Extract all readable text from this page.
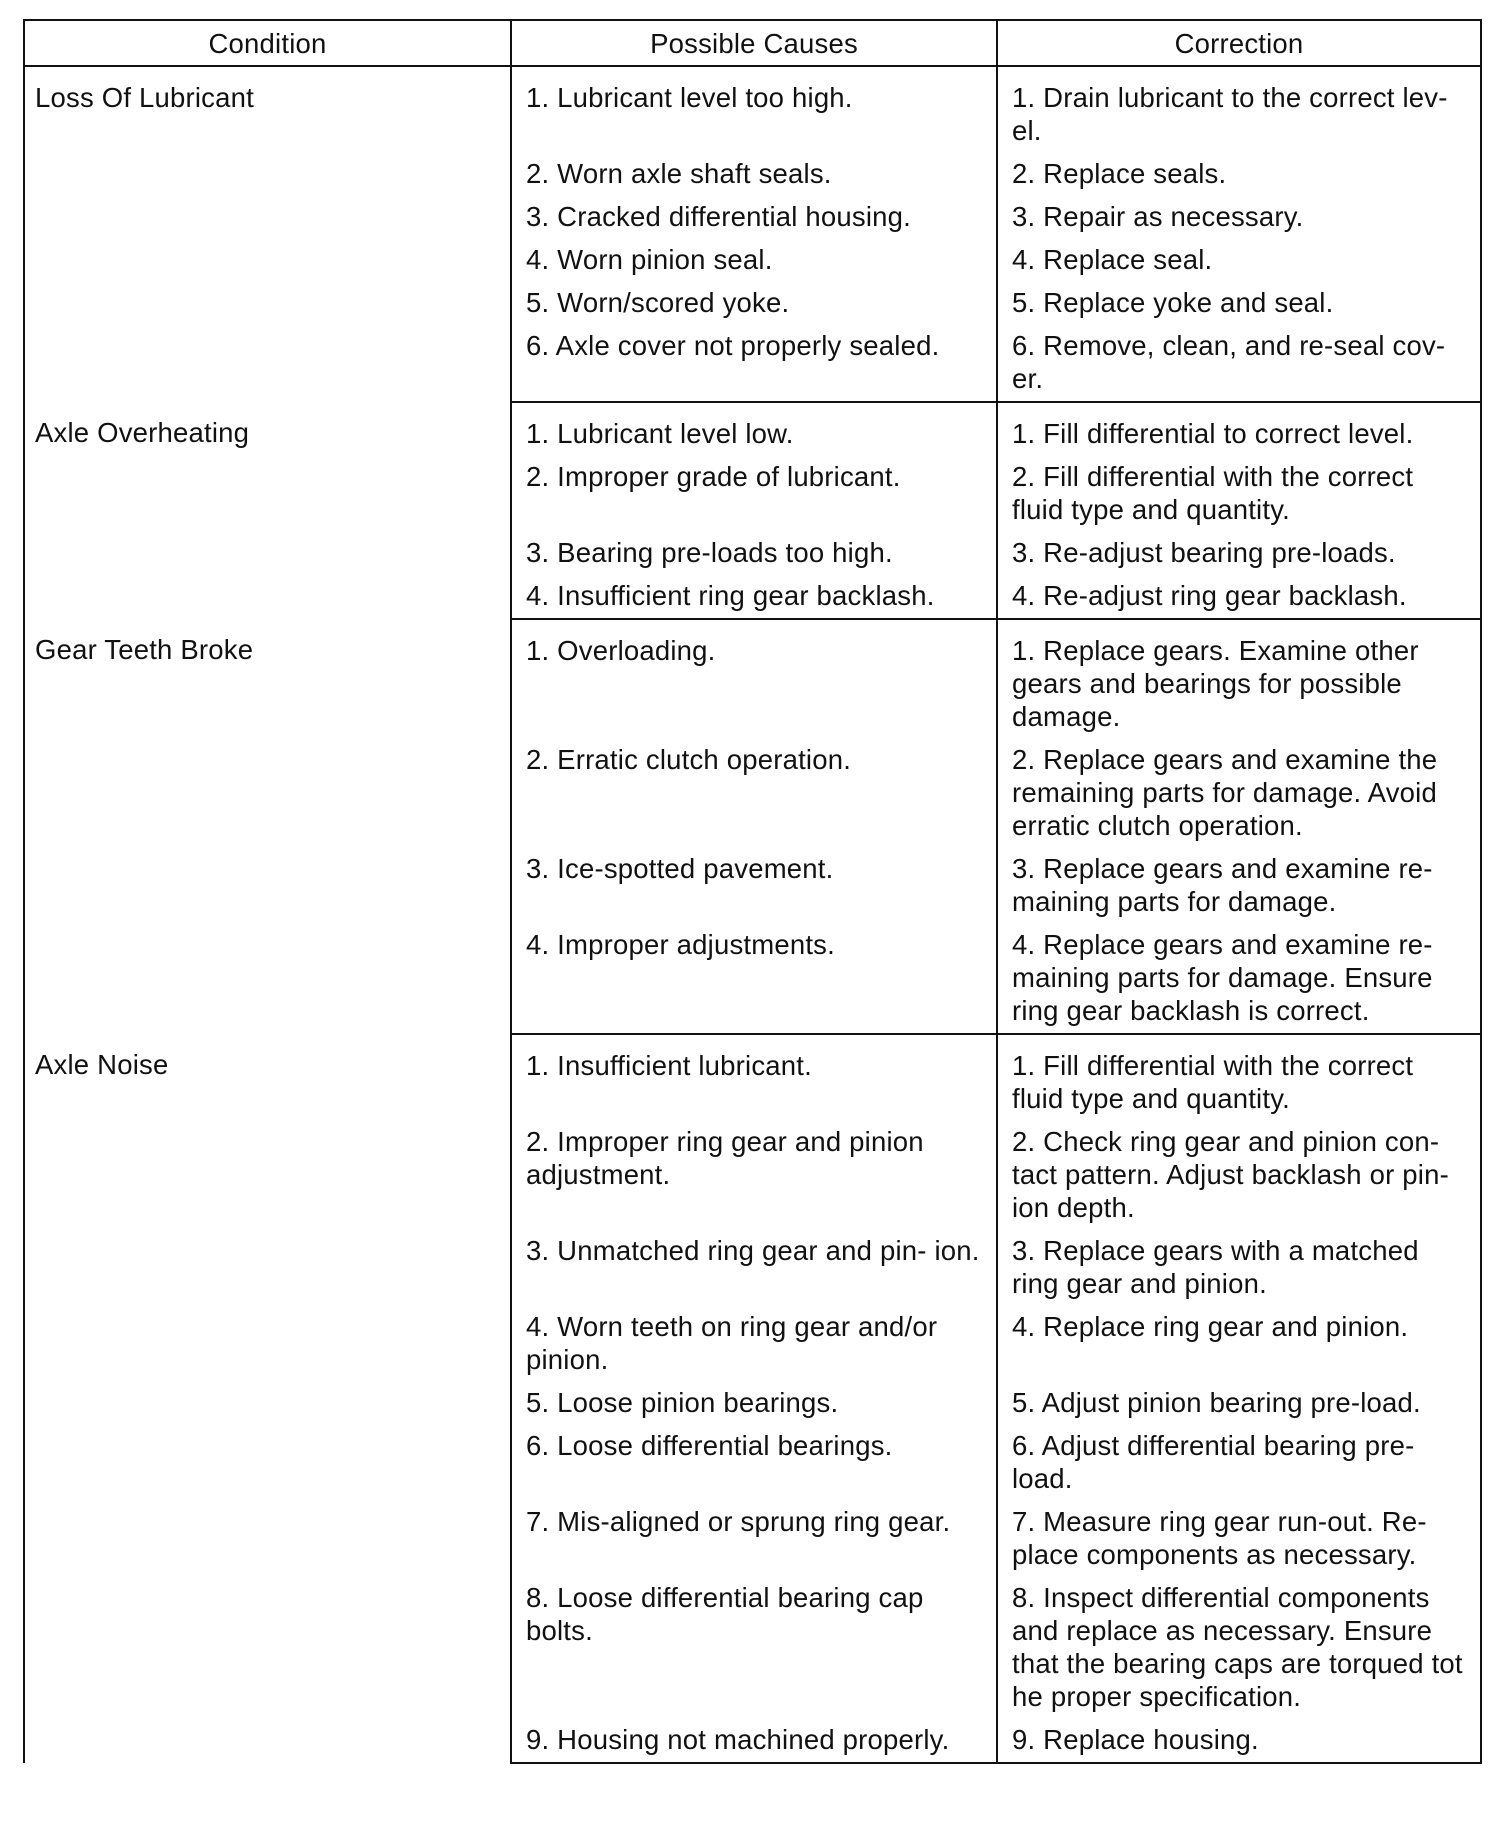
Condition	Possible Causes	Correction
Loss Of Lubricant	1. Lubricant level too high.	1. Drain lubricant to the correct lev- el.
	2. Worn axle shaft seals.	2. Replace seals.
	3. Cracked differential housing.	3. Repair as necessary.
	4. Worn pinion seal.	4. Replace seal.
	5. Worn/scored yoke.	5. Replace yoke and seal.
	6. Axle cover not properly sealed.	6. Remove, clean, and re-seal cov- er.
Axle Overheating	1. Lubricant level low.	1. Fill differential to correct level.
	2. Improper grade of lubricant.	2. Fill differential with the correct fluid type and quantity.
	3. Bearing pre-loads too high.	3. Re-adjust bearing pre-loads.
	4. Insufficient ring gear backlash.	4. Re-adjust ring gear backlash.
Gear Teeth Broke	1. Overloading.	1. Replace gears. Examine other gears and bearings for possible damage.
	2. Erratic clutch operation.	2. Replace gears and examine the remaining parts for damage. Avoid erratic clutch operation.
	3. Ice-spotted pavement.	3. Replace gears and examine re- maining parts for damage.
	4. Improper adjustments.	4. Replace gears and examine re- maining parts for damage. Ensure ring gear backlash is correct.
Axle Noise	1. Insufficient lubricant.	1. Fill differential with the correct fluid type and quantity.
	2. Improper ring gear and pinion adjustment.	2. Check ring gear and pinion con- tact pattern. Adjust backlash or pin- ion depth.
	3. Unmatched ring gear and pin- ion.	3. Replace gears with a matched ring gear and pinion.
	4. Worn teeth on ring gear and/or pinion.	4. Replace ring gear and pinion.
	5. Loose pinion bearings.	5. Adjust pinion bearing pre-load.
	6. Loose differential bearings.	6. Adjust differential bearing pre- load.
	7. Mis-aligned or sprung ring gear.	7. Measure ring gear run-out. Re- place components as necessary.
	8. Loose differential bearing cap bolts.	8. Inspect differential components and replace as necessary. Ensure that the bearing caps are torqued tot he proper specification.
	9. Housing not machined properly.	9. Replace housing.
